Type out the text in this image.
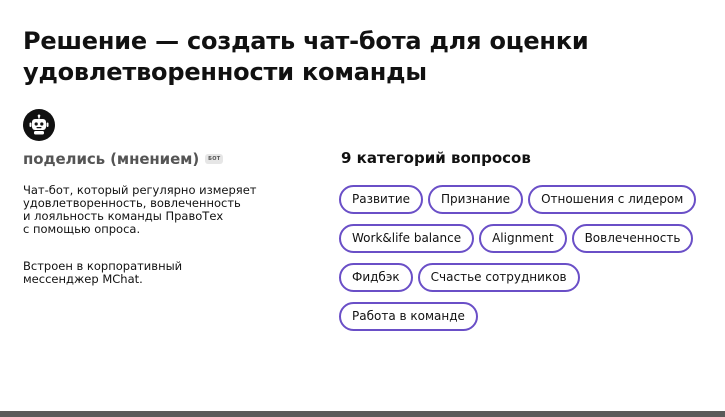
Решение — создать чат-бота для оценки
удовлетворенности команды
поделись (мнением)	БОТ
Чат-бот, который регулярно измеряет
удовлетворенность, вовлеченность
и лояльность команды ПравоТех
с помощью опроса.
Встроен в корпоративный
мессенджер MChat.
9 категорий вопросов
Развитие	Признание	Отношения с лидером
Work&life balance	Alignment	Вовлеченность
Фидбэк	Счастье сотрудников
Работа в команде
